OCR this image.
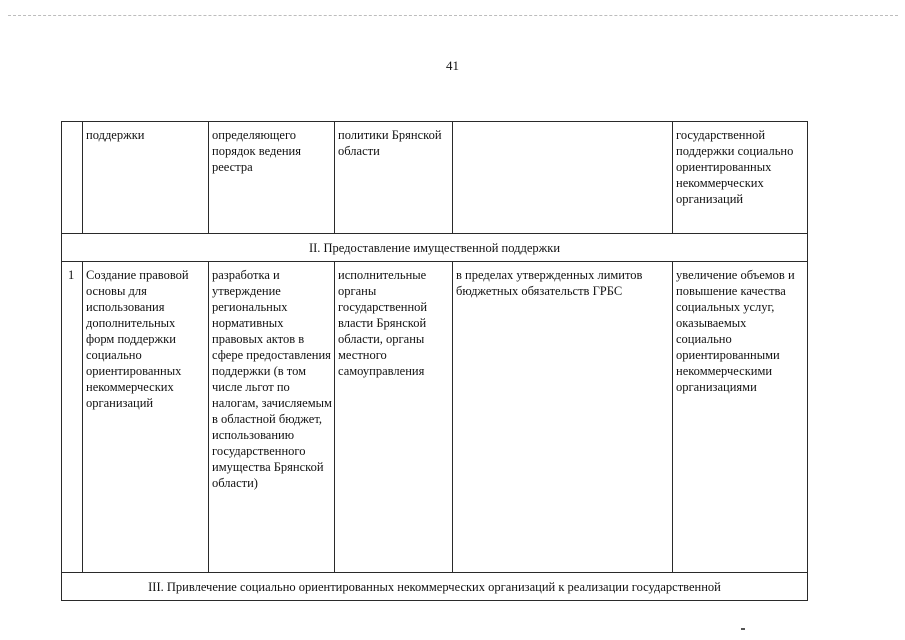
41
	поддержки	определяющего порядок ведения реестра	политики Брянской области		государственной поддержки социально ориентированных некоммерческих организаций
II. Предоставление имущественной поддержки					
1	Создание правовой основы для использования дополнительных форм поддержки социально ориентированных некоммерческих организаций	разработка и утверждение региональных нормативных правовых актов в сфере предоставления поддержки (в том числе льгот по налогам, зачисляемым в областной бюджет, использованию государственного имущества Брянской области)	исполнительные органы государственной власти Брянской области, органы местного самоуправления	в пределах утвержденных лимитов бюджетных обязательств ГРБС	увеличение объемов и повышение качества социальных услуг, оказываемых социально ориентированными некоммерческими организациями
III. Привлечение социально ориентированных некоммерческих организаций к реализации государственной					
